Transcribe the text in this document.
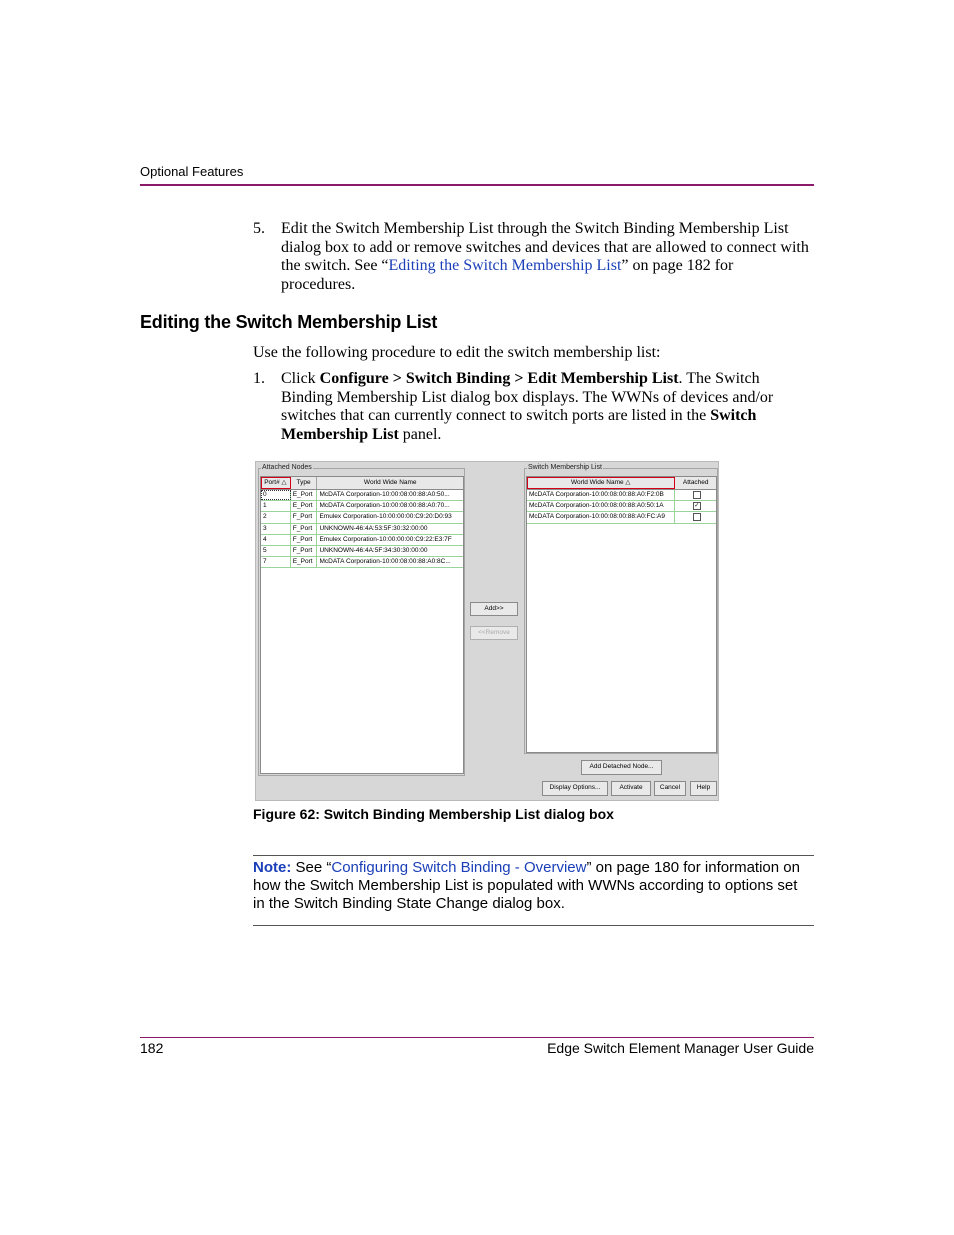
Optional Features
5. Edit the Switch Membership List through the Switch Binding Membership List dialog box to add or remove switches and devices that are allowed to connect with the switch. See “Editing the Switch Membership List” on page 182 for procedures.
Editing the Switch Membership List
Use the following procedure to edit the switch membership list:
1. Click Configure > Switch Binding > Edit Membership List. The Switch Binding Membership List dialog box displays. The WWNs of devices and/or switches that can currently connect to switch ports are listed in the Switch Membership List panel.
Attached Nodes
Port# △	Type	World Wide Name
0	E_Port	McDATA Corporation-10:00:08:00:88:A0:50...
1	E_Port	McDATA Corporation-10:00:08:00:88:A0:70...
2	F_Port	Emulex Corporation-10:00:00:00:C9:20:D0:93
3	F_Port	UNKNOWN-46:4A:53:5F:30:32:00:00
4	F_Port	Emulex Corporation-10:00:00:00:C9:22:E3:7F
5	F_Port	UNKNOWN-46:4A:5F:34:30:30:00:00
7	E_Port	McDATA Corporation-10:00:08:00:88:A0:8C...
Add>>
<<Remove
Switch Membership List
World Wide Name △	Attached
McDATA Corporation-10:00:08:00:88:A0:F2:0B
McDATA Corporation-10:00:08:00:88:A0:50:1A	✓
McDATA Corporation-10:00:08:00:88:A0:FC:A9
Add Detached Node...
Display Options...	Activate	Cancel	Help
Figure 62: Switch Binding Membership List dialog box
Note: See “Configuring Switch Binding - Overview” on page 180 for information on how the Switch Membership List is populated with WWNs according to options set in the Switch Binding State Change dialog box.
182	Edge Switch Element Manager User Guide
